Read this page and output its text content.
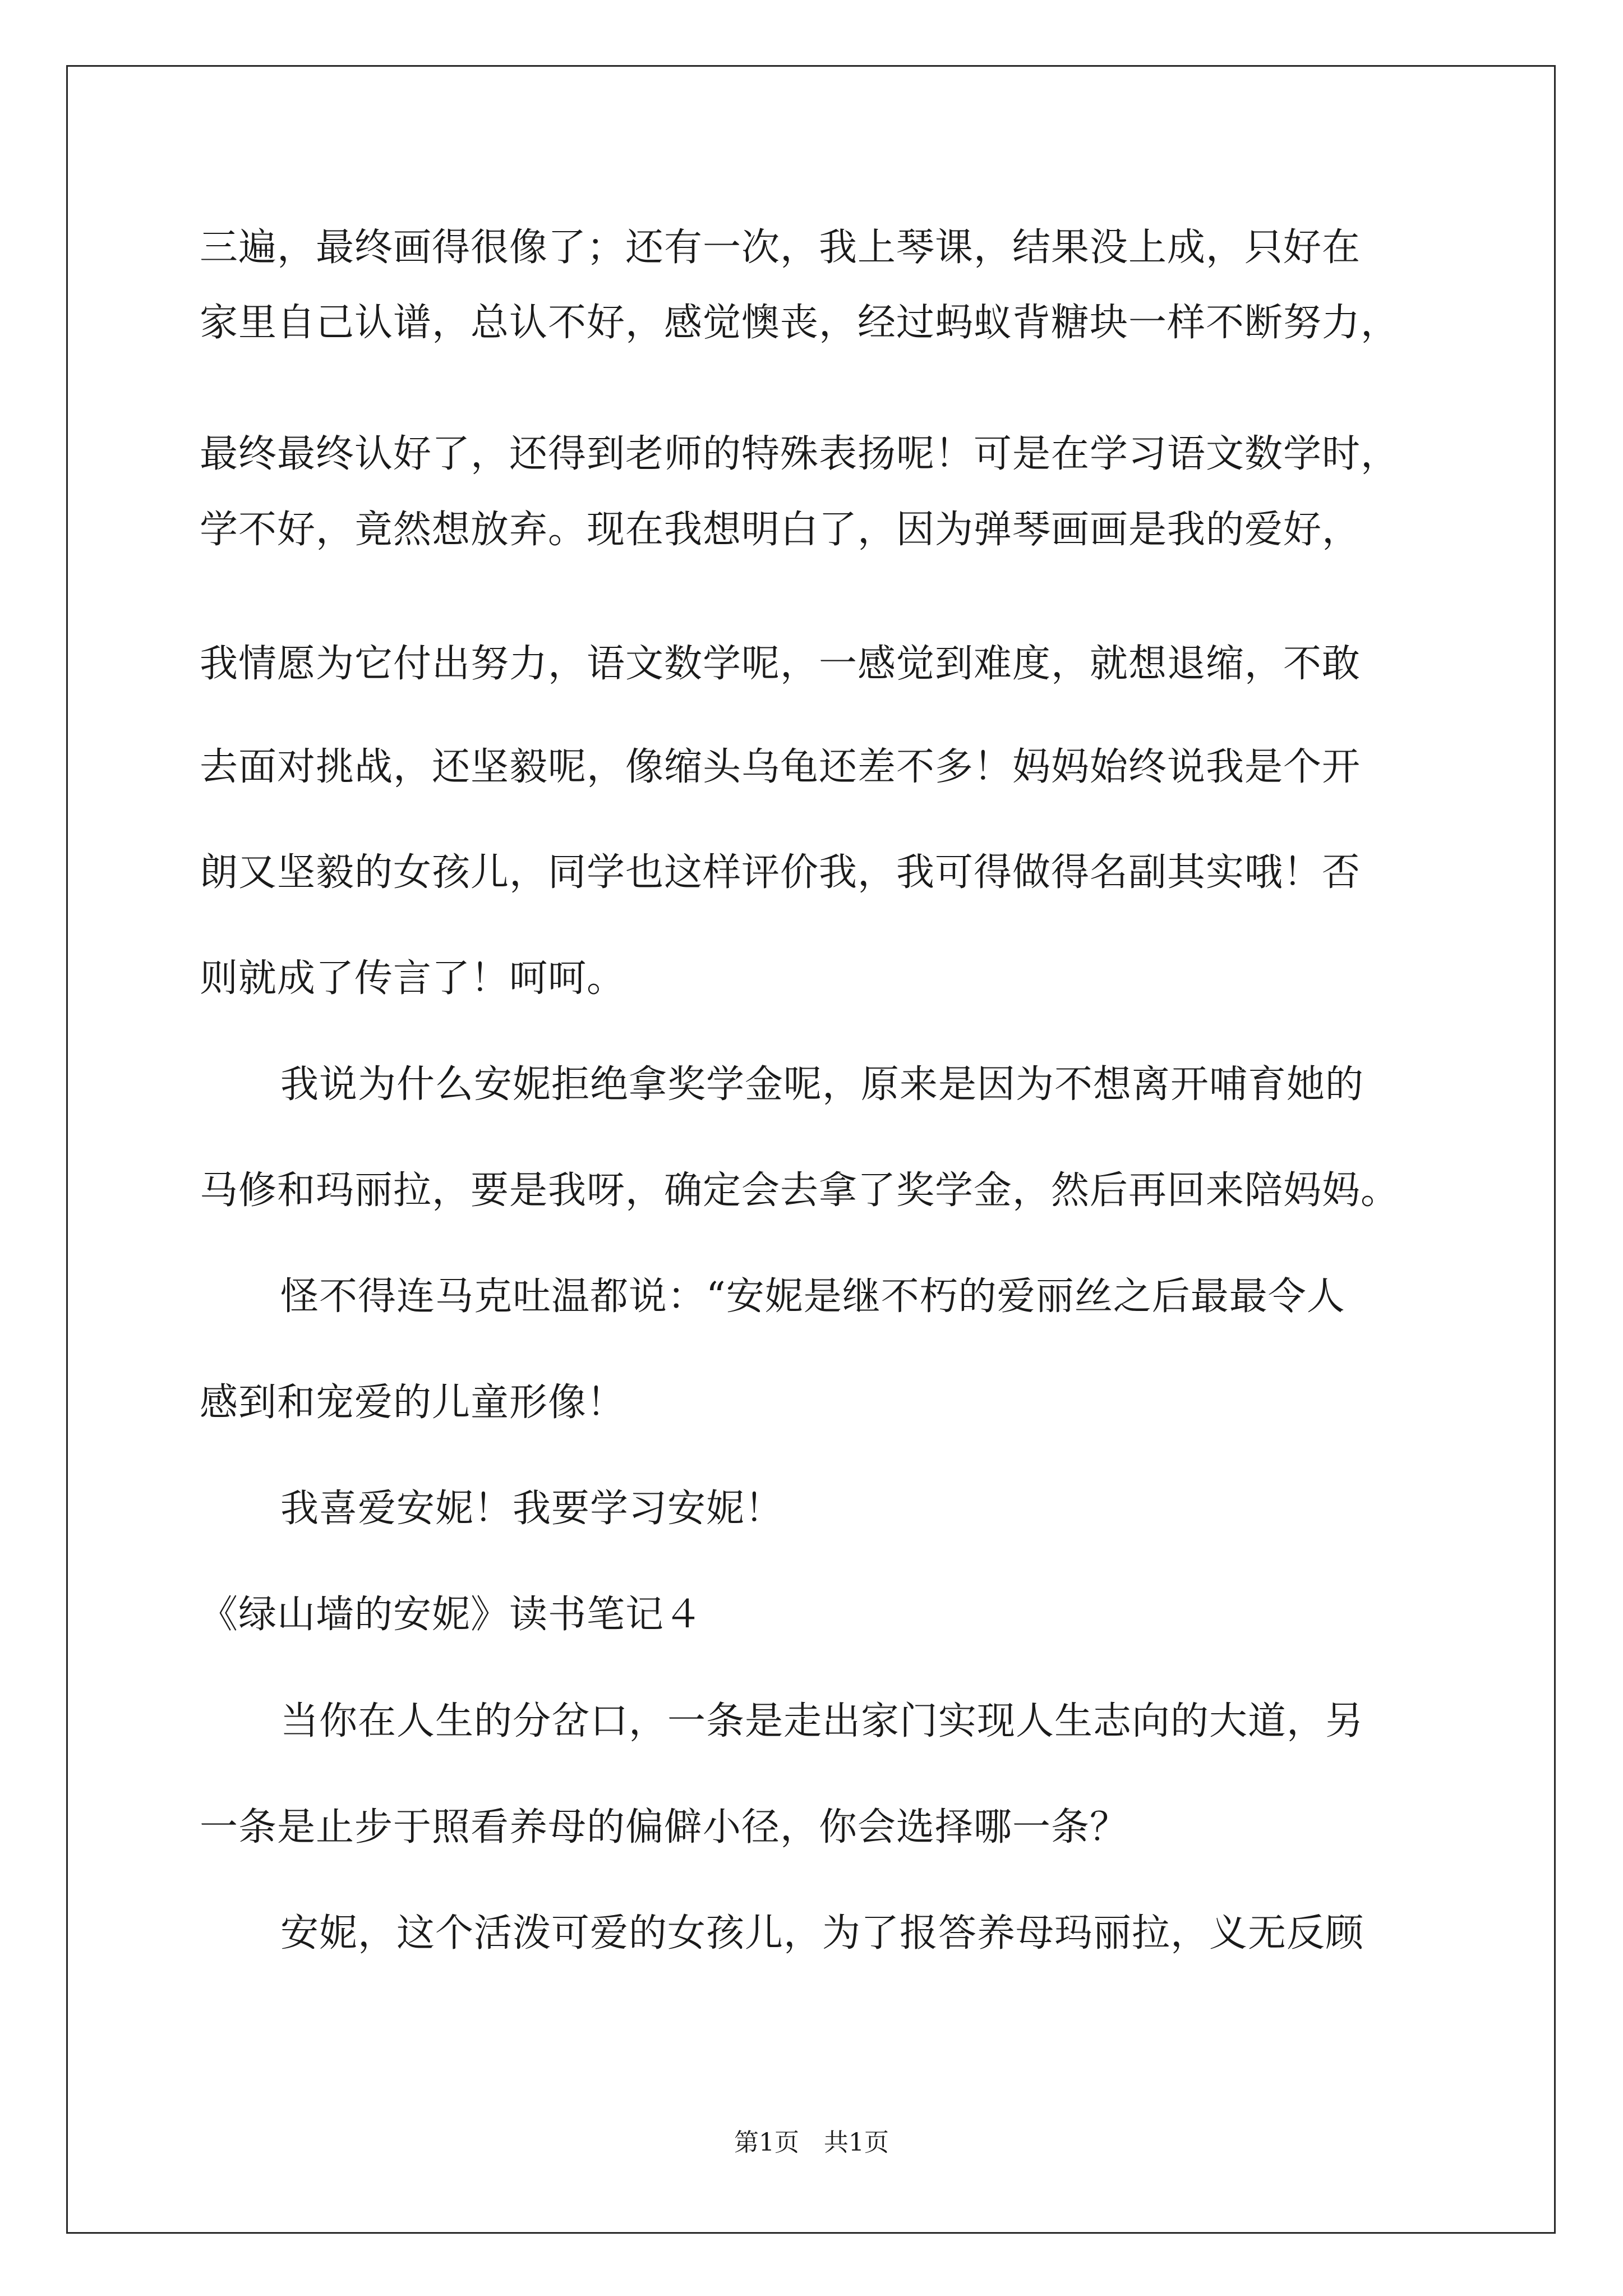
三遍，最终画得很像了；还有一次，我上琴课，结果没上成，只好在
家里自己认谱，总认不好，感觉懊丧，经过蚂蚁背糖块一样不断努力，
最终最终认好了，还得到老师的特殊表扬呢！可是在学习语文数学时，
学不好，竟然想放弃。现在我想明白了，因为弹琴画画是我的爱好，
我情愿为它付出努力，语文数学呢，一感觉到难度，就想退缩，不敢
去面对挑战，还坚毅呢，像缩头乌龟还差不多！妈妈始终说我是个开
朗又坚毅的女孩儿，同学也这样评价我，我可得做得名副其实哦！否
则就成了传言了！呵呵。
我说为什么安妮拒绝拿奖学金呢，原来是因为不想离开哺育她的
马修和玛丽拉，要是我呀，确定会去拿了奖学金，然后再回来陪妈妈。
怪不得连马克吐温都说：“安妮是继不朽的爱丽丝之后最最令人
感到和宠爱的儿童形像！
我喜爱安妮！我要学习安妮！
《绿山墙的安妮》读书笔记４
当你在人生的分岔口，一条是走出家门实现人生志向的大道，另
一条是止步于照看养母的偏僻小径，你会选择哪一条？
安妮，这个活泼可爱的女孩儿，为了报答养母玛丽拉，义无反顾
第1页　共1页
